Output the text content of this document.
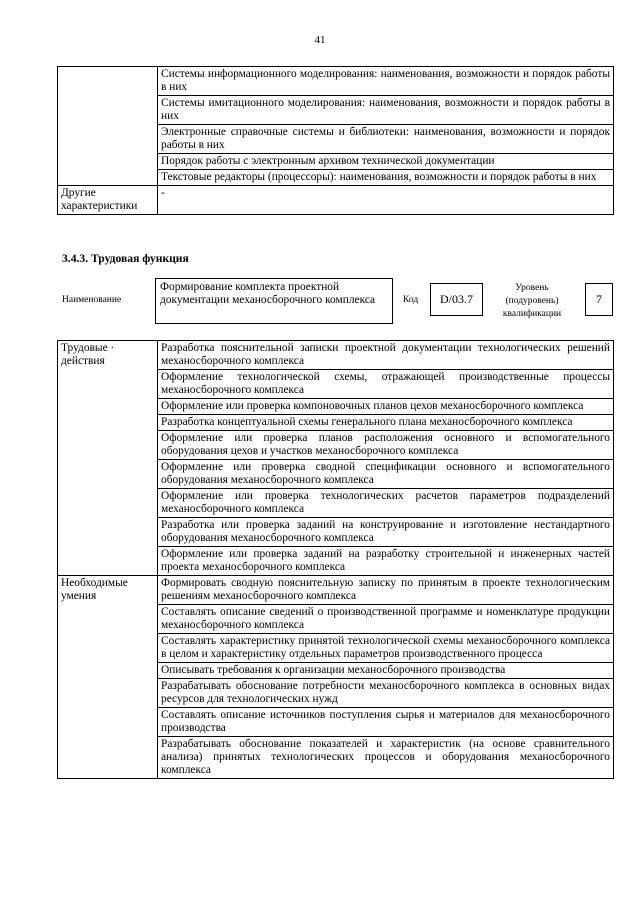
41
	Системы информационного моделирования: наименования, возможности и порядок работы в них
	Системы имитационного моделирования: наименования, возможности и порядок работы в них
	Электронные справочные системы и библиотеки: наименования, возможности и порядок работы в них
	Порядок работы с электронным архивом технической документации
	Текстовые редакторы (процессоры): наименования, возможности и порядок работы в них
Другие характеристики	-
3.4.3. Трудовая функция
Наименование
Формирование комплекта проектной документации механосборочного комплекса	Код	D/03.7
Уровень (подуровень) квалификации
7
Трудовые · действия	Разработка пояснительной записки проектной документации технологических решений механосборочного комплекса
	Оформление технологической схемы, отражающей производственные процессы механосборочного комплекса
	Оформление или проверка компоновочных планов цехов механосборочного комплекса
	Разработка концептуальной схемы генерального плана механосборочного комплекса
	Оформление или проверка планов расположения основного и вспомогательного оборудования цехов и участков механосборочного комплекса
	Оформление или проверка сводной спецификации основного и вспомогательного оборудования механосборочного комплекса
	Оформление или проверка технологических расчетов параметров подразделений механосборочного комплекса
	Разработка или проверка заданий на конструирование и изготовление нестандартного оборудования механосборочного комплекса
	Оформление или проверка заданий на разработку строительной и инженерных частей проекта механосборочного комплекса
Необходимые умения	Формировать сводную пояснительную записку по принятым в проекте технологическим решениям механосборочного комплекса
	Составлять описание сведений о производственной программе и номенклатуре продукции механосборочного комплекса
	Составлять характеристику принятой технологической схемы механосборочного комплекса в целом и характеристику отдельных параметров производственного процесса
	Описывать требования к организации механосборочного производства
	Разрабатывать обоснование потребности механосборочного комплекса в основных видах ресурсов для технологических нужд
	Составлять описание источников поступления сырья и материалов для механосборочного производства
	Разрабатывать обоснование показателей и характеристик (на основе сравнительного анализа) принятых технологических процессов и оборудования механосборочного комплекса
